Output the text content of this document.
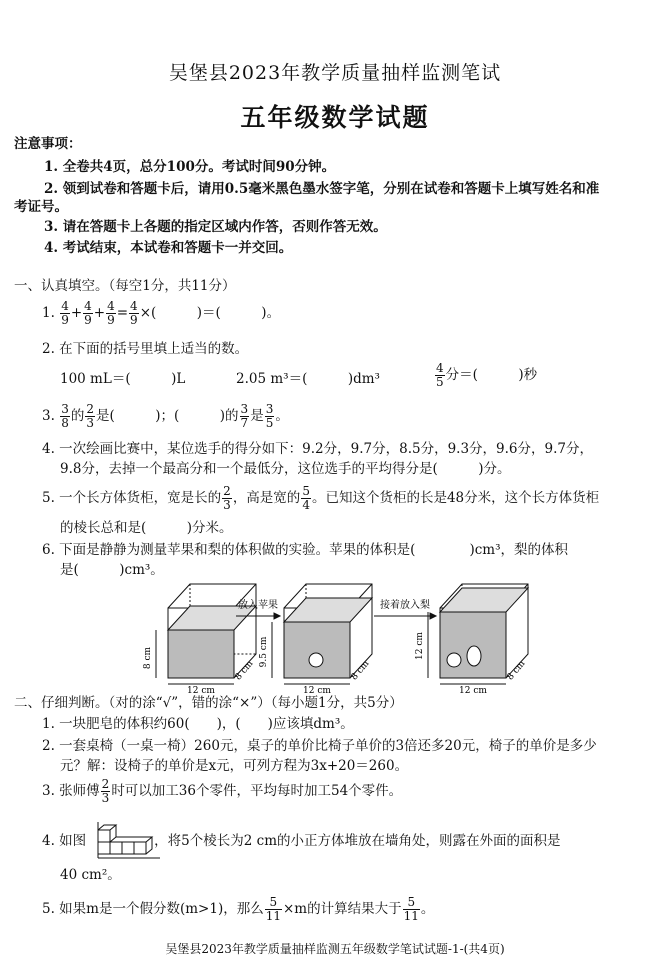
吴堡县2023年教学质量抽样监测笔试
五年级数学试题
注意事项：
1. 全卷共4页，总分100分。考试时间90分钟。
2. 领到试卷和答题卡后，请用0.5毫米黑色墨水签字笔，分别在试卷和答题卡上填写姓名和准
考证号。
3. 请在答题卡上各题的指定区域内作答，否则作答无效。
4. 考试结束，本试卷和答题卡一并交回。
一、认真填空。（每空1分，共11分）
1. $\frac{4}{9} + \frac{4}{9} + \frac{4}{9} = \frac{4}{9}$ ×(　　　)＝(　　　)。
2. 在下面的括号里填上适当的数。
100 mL＝(　　　)L	2.05 m³＝(　　　)dm³	$\frac{4}{5}$ 分＝(　　　)秒
3. $\frac{3}{8}$ 的 $\frac{2}{3}$ 是(　　　)；(　　　)的 $\frac{3}{7}$ 是 $\frac{3}{5}$ 。
4. 一次绘画比赛中，某位选手的得分如下：9.2分，9.7分，8.5分，9.3分，9.6分，9.7分，
9.8分，去掉一个最高分和一个最低分，这位选手的平均得分是(　　　)分。
5. 一个长方体货柜，宽是长的 $\frac{2}{3}$ ，高是宽的 $\frac{5}{4}$ 。已知这个货柜的长是48分米，这个长方体货柜
的棱长总和是(　　　)分米。
6. 下面是静静为测量苹果和梨的体积做的实验。苹果的体积是(　　　　)cm³，梨的体积
是(　　　)cm³。
放入苹果	接着放入梨
8 cm	9.5 cm	12 cm
12 cm	12 cm	12 cm
8 cm	8 cm	8 cm
二、仔细判断。（对的涂“√”，错的涂“×”）（每小题1分，共5分）
1. 一块肥皂的体积约60(　　)，(　　)应该填dm³。
2. 一套桌椅（一桌一椅）260元，桌子的单价比椅子单价的3倍还多20元，椅子的单价是多少
元？解：设椅子的单价是x元，可列方程为3x+20＝260。
3. 张师傅 $\frac{2}{3}$ 时可以加工36个零件，平均每时加工54个零件。
4. 如图	，将5个棱长为2 cm的小正方体堆放在墙角处，则露在外面的面积是
40 cm²。
5. 如果m是一个假分数(m>1)，那么 $\frac{5}{11} \times m$的计算结果大于 $\frac{5}{11}$ 。
吴堡县2023年教学质量抽样监测五年级数学笔试试题-1-(共4页)
